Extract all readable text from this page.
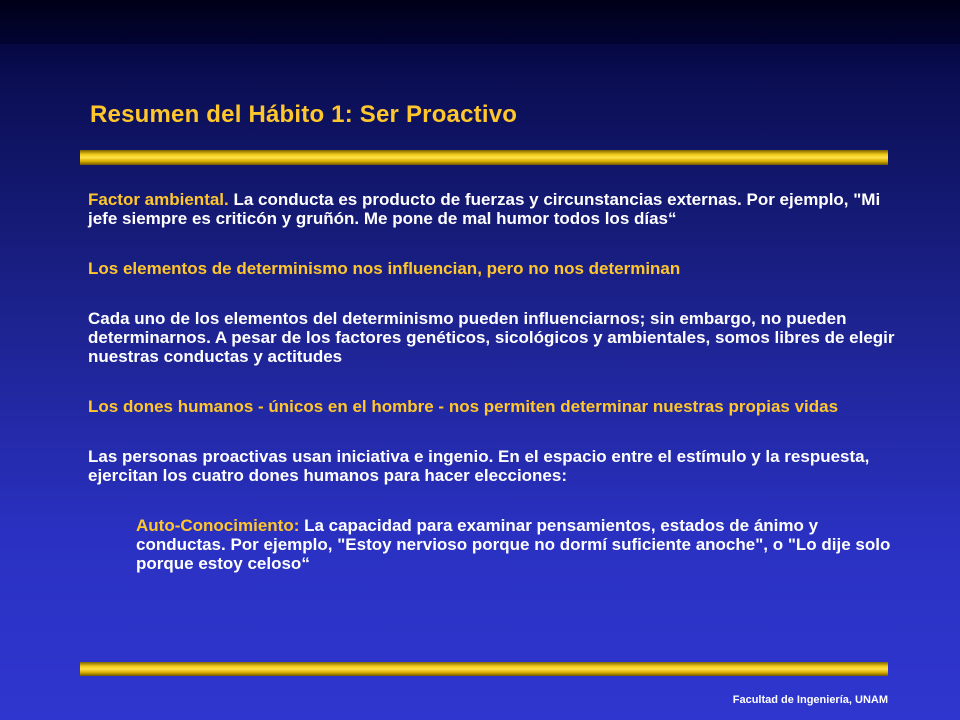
Resumen del Hábito 1: Ser Proactivo

Factor ambiental. La conducta es producto de fuerzas y circunstancias externas. Por ejemplo, "Mi jefe siempre es criticón y gruñón. Me pone de mal humor todos los días“

Los elementos de determinismo nos influencian, pero no nos determinan

Cada uno de los elementos del determinismo pueden influenciarnos; sin embargo, no pueden determinarnos. A pesar de los factores genéticos, sicológicos y ambientales, somos libres de elegir nuestras conductas y actitudes

Los dones humanos - únicos en el hombre - nos permiten determinar nuestras propias vidas

Las personas proactivas usan iniciativa e ingenio. En el espacio entre el estímulo y la respuesta, ejercitan los cuatro dones humanos para hacer elecciones:

Auto-Conocimiento: La capacidad para examinar pensamientos, estados de ánimo y conductas. Por ejemplo, "Estoy nervioso porque no dormí suficiente anoche", o "Lo dije solo porque estoy celoso“

Facultad de Ingeniería, UNAM
